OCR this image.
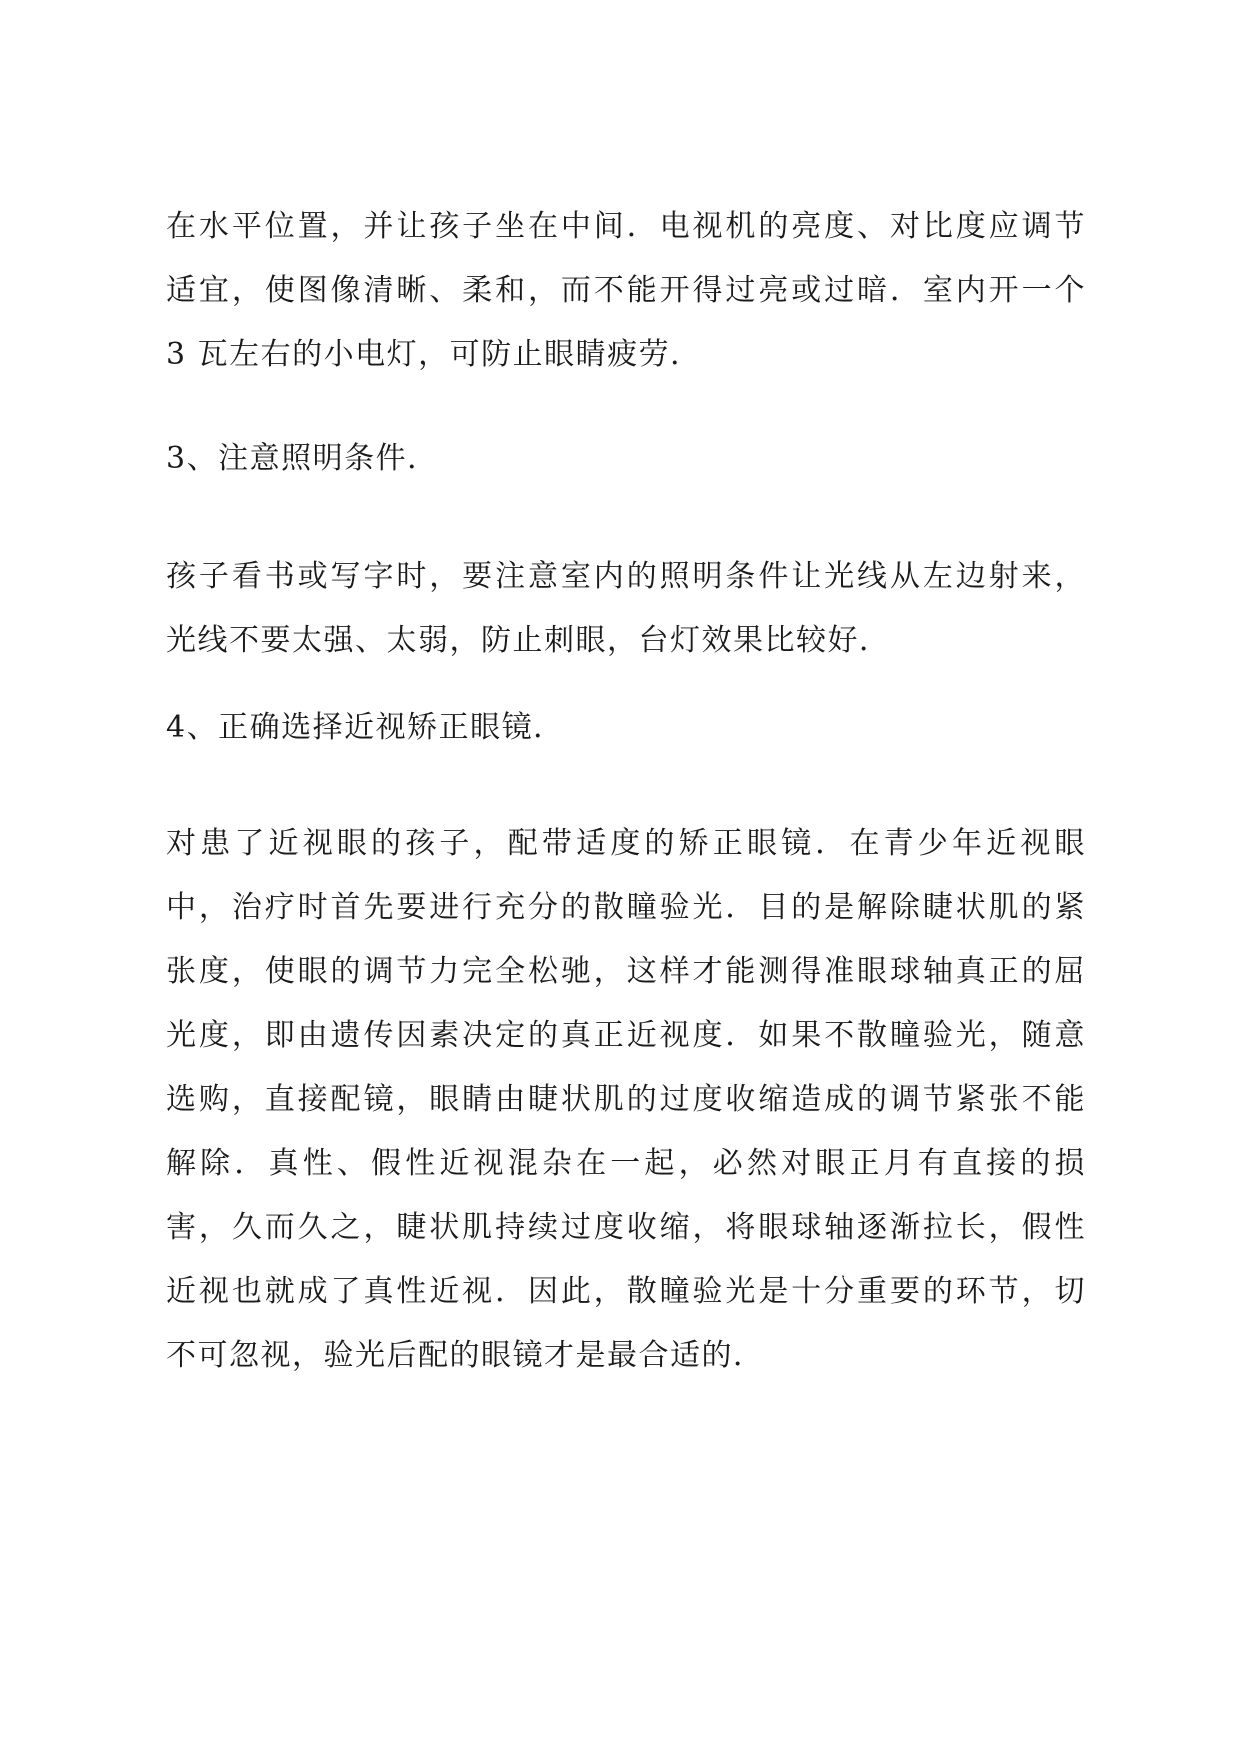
在水平位置，并让孩子坐在中间．电视机的亮度、对比度应调节
适宜，使图像清晰、柔和，而不能开得过亮或过暗．室内开一个
3 瓦左右的小电灯，可防止眼睛疲劳．
3、注意照明条件．
孩子看书或写字时，要注意室内的照明条件让光线从左边射来，
光线不要太强、太弱，防止刺眼，台灯效果比较好．
4、正确选择近视矫正眼镜．
对患了近视眼的孩子，配带适度的矫正眼镜．在青少年近视眼
中，治疗时首先要进行充分的散瞳验光．目的是解除睫状肌的紧
张度，使眼的调节力完全松驰，这样才能测得准眼球轴真正的屈
光度，即由遗传因素决定的真正近视度．如果不散瞳验光，随意
选购，直接配镜，眼睛由睫状肌的过度收缩造成的调节紧张不能
解除．真性、假性近视混杂在一起，必然对眼正月有直接的损
害，久而久之，睫状肌持续过度收缩，将眼球轴逐渐拉长，假性
近视也就成了真性近视．因此，散瞳验光是十分重要的环节，切
不可忽视，验光后配的眼镜才是最合适的．
